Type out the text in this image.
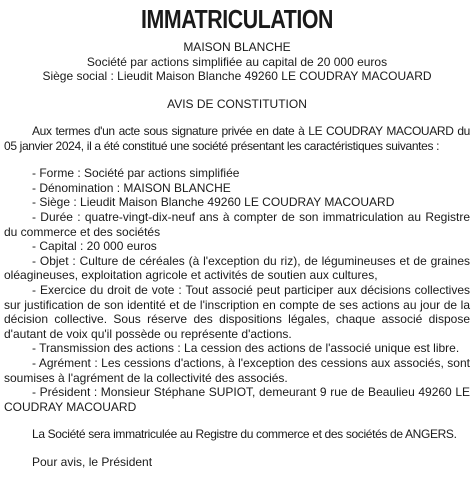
IMMATRICULATION

MAISON BLANCHE

Société par actions simplifiée au capital de 20 000 euros

Siège social : Lieudit Maison Blanche 49260 LE COUDRAY MACOUARD

AVIS DE CONSTITUTION

Aux termes d'un acte sous signature privée en date à LE COUDRAY MACOUARD du 05 janvier 2024, il a été constitué une société présentant les caractéristiques suivantes :

- Forme : Société par actions simplifiée

- Dénomination : MAISON BLANCHE

- Siège : Lieudit Maison Blanche 49260 LE COUDRAY MACOUARD

- Durée : quatre-vingt-dix-neuf ans à compter de son immatriculation au Registre du commerce et des sociétés

- Capital : 20 000 euros

- Objet : Culture de céréales (à l'exception du riz), de légumineuses et de graines oléagineuses, exploitation agricole et activités de soutien aux cultures,

- Exercice du droit de vote : Tout associé peut participer aux décisions collectives sur justification de son identité et de l'inscription en compte de ses actions au jour de la décision collective. Sous réserve des dispositions légales, chaque associé dispose d'autant de voix qu'il possède ou représente d'actions.

- Transmission des actions : La cession des actions de l'associé unique est libre.

- Agrément : Les cessions d'actions, à l'exception des cessions aux associés, sont soumises à l'agrément de la collectivité des associés.

- Président : Monsieur Stéphane SUPIOT, demeurant 9 rue de Beaulieu 49260 LE COUDRAY MACOUARD

La Société sera immatriculée au Registre du commerce et des sociétés de ANGERS.

Pour avis, le Président
